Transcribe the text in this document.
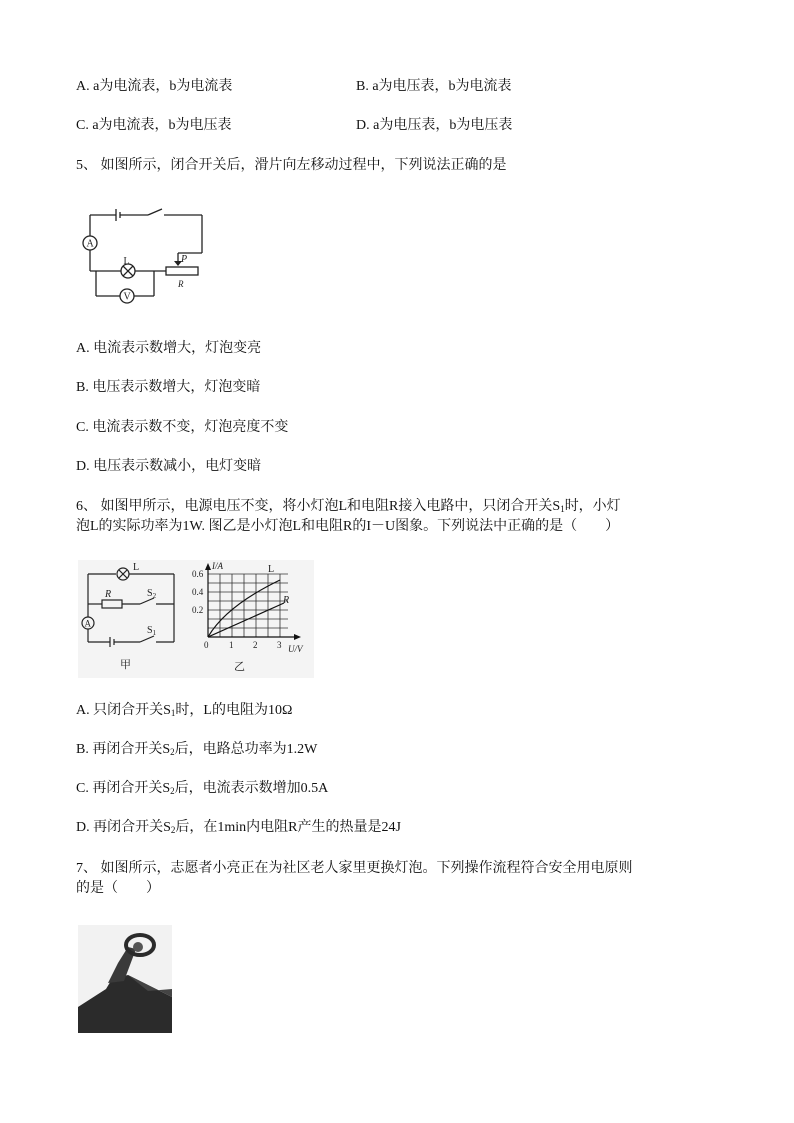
A. a为电流表，b为电流表	B. a为电压表，b为电流表
C. a为电流表，b为电压表	D. a为电压表，b为电压表
5、 如图所示，闭合开关后，滑片向左移动过程中，下列说法正确的是
A
L
V
P
R
A. 电流表示数增大，灯泡变亮
B. 电压表示数增大，灯泡变暗
C. 电流表示数不变，灯泡亮度不变
D. 电压表示数减小，电灯变暗
6、 如图甲所示，电源电压不变，将小灯泡L和电阻R接入电路中，只闭合开关$S_1$时，小灯
泡L的实际功率为1W. 图乙是小灯泡L和电阻R的I－U图象。下列说法中正确的是（　　）
L
R	$S_2$
$S_1$
A
甲
I/A
0.6
0.4
0.2
0 1 2 3 U/V
L
R
乙
A. 只闭合开关$S_1$时，L的电阻为10Ω
B. 再闭合开关$S_2$后，电路总功率为1.2W
C. 再闭合开关$S_2$后，电流表示数增加0.5A
D. 再闭合开关$S_2$后，在1min内电阻R产生的热量是24J
7、 如图所示，志愿者小亮正在为社区老人家里更换灯泡。下列操作流程符合安全用电原则
的是（　　）
